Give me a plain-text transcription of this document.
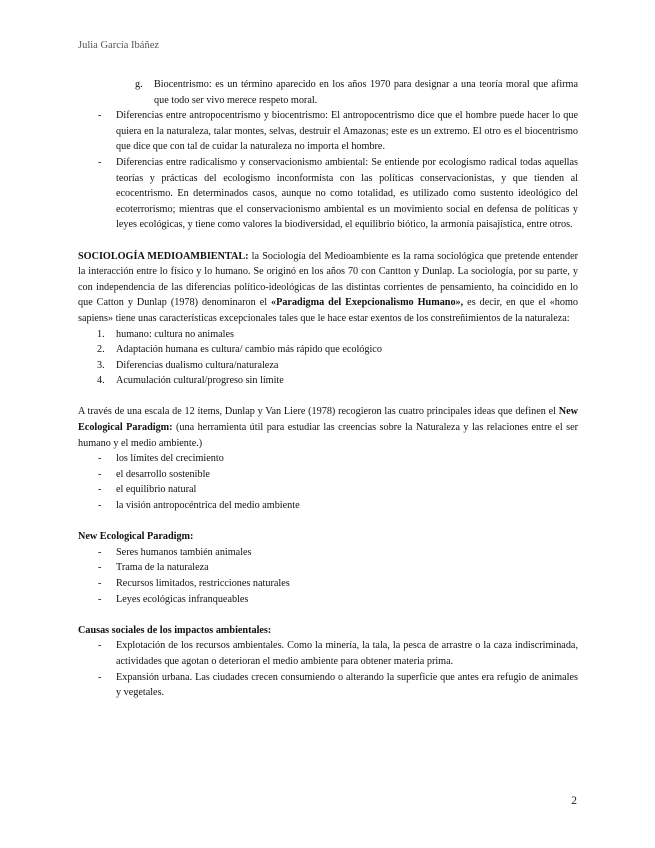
Julia García Ibáñez
g. Biocentrismo: es un término aparecido en los años 1970 para designar a una teoría moral que afirma que todo ser vivo merece respeto moral.
- Diferencias entre antropocentrismo y biocentrismo: El antropocentrismo dice que el hombre puede hacer lo que quiera en la naturaleza, talar montes, selvas, destruir el Amazonas; este es un extremo. El otro es el biocentrismo que dice que con tal de cuidar la naturaleza no importa el hombre.
- Diferencias entre radicalismo y conservacionismo ambiental: Se entiende por ecologismo radical todas aquellas teorías y prácticas del ecologismo inconformista con las políticas conservacionistas, y que tienden al ecocentrismo. En determinados casos, aunque no como totalidad, es utilizado como sustento ideológico del ecoterrorismo; mientras que el conservacionismo ambiental es un movimiento social en defensa de políticas y leyes ecológicas, y tiene como valores la biodiversidad, el equilibrio biótico, la armonía paisajística, entre otros.

SOCIOLOGÍA MEDIOAMBIENTAL: la Sociología del Medioambiente es la rama sociológica que pretende entender la interacción entre lo físico y lo humano. Se originó en los años 70 con Cantton y Dunlap. La sociología, por su parte, y con independencia de las diferencias político-ideológicas de las distintas corrientes de pensamiento, ha coincidido en lo que Catton y Dunlap (1978) denominaron el «Paradigma del Exepcionalismo Humano», es decir, en que el «homo sapiens» tiene unas características excepcionales tales que le hace estar exentos de los constreñimientos de la naturaleza:

1. humano: cultura no animales
2. Adaptación humana es cultura/ cambio más rápido que ecológico
3. Diferencias dualismo cultura/naturaleza
4. Acumulación cultural/progreso sin límite

A través de una escala de 12 ítems, Dunlap y Van Liere (1978) recogieron las cuatro principales ideas que definen el New Ecological Paradigm: (una herramienta útil para estudiar las creencias sobre la Naturaleza y las relaciones entre el ser humano y el medio ambiente.)

- los límites del crecimiento
- el desarrollo sostenible
- el equilibrio natural
- la visión antropocéntrica del medio ambiente

New Ecological Paradigm:

- Seres humanos también animales
- Trama de la naturaleza
- Recursos limitados, restricciones naturales
- Leyes ecológicas infranqueables

Causas sociales de los impactos ambientales:

- Explotación de los recursos ambientales. Como la minería, la tala, la pesca de arrastre o la caza indiscriminada, actividades que agotan o deterioran el medio ambiente para obtener materia prima.
- Expansión urbana. Las ciudades crecen consumiendo o alterando la superficie que antes era refugio de animales y vegetales.
2
